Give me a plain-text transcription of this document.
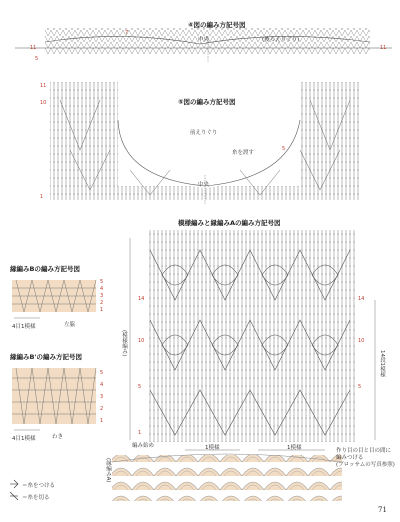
④図の編み方記号図
中央	(後ろえりぐり)
11	11
5
7
⑤図の編み方記号図
前えりぐり
中央
糸を渡す
11
10
5
1
模様編みと縁編みAの編み方記号図
(模様編み)
14段1模様
編み始め	1模様	1模様
(縁編みA)
作り目の目と目の間に
編みつける
(ブロッサムの写真参照)
14
10
5
1
14
10
5
縁編みBの編み方記号図
4目1模様	左脇
5
4
3
2
1
縁編みB'の編み方記号図
4目1模様	わき
5
4
3
2
1
＝糸をつける
＝糸を切る
71
